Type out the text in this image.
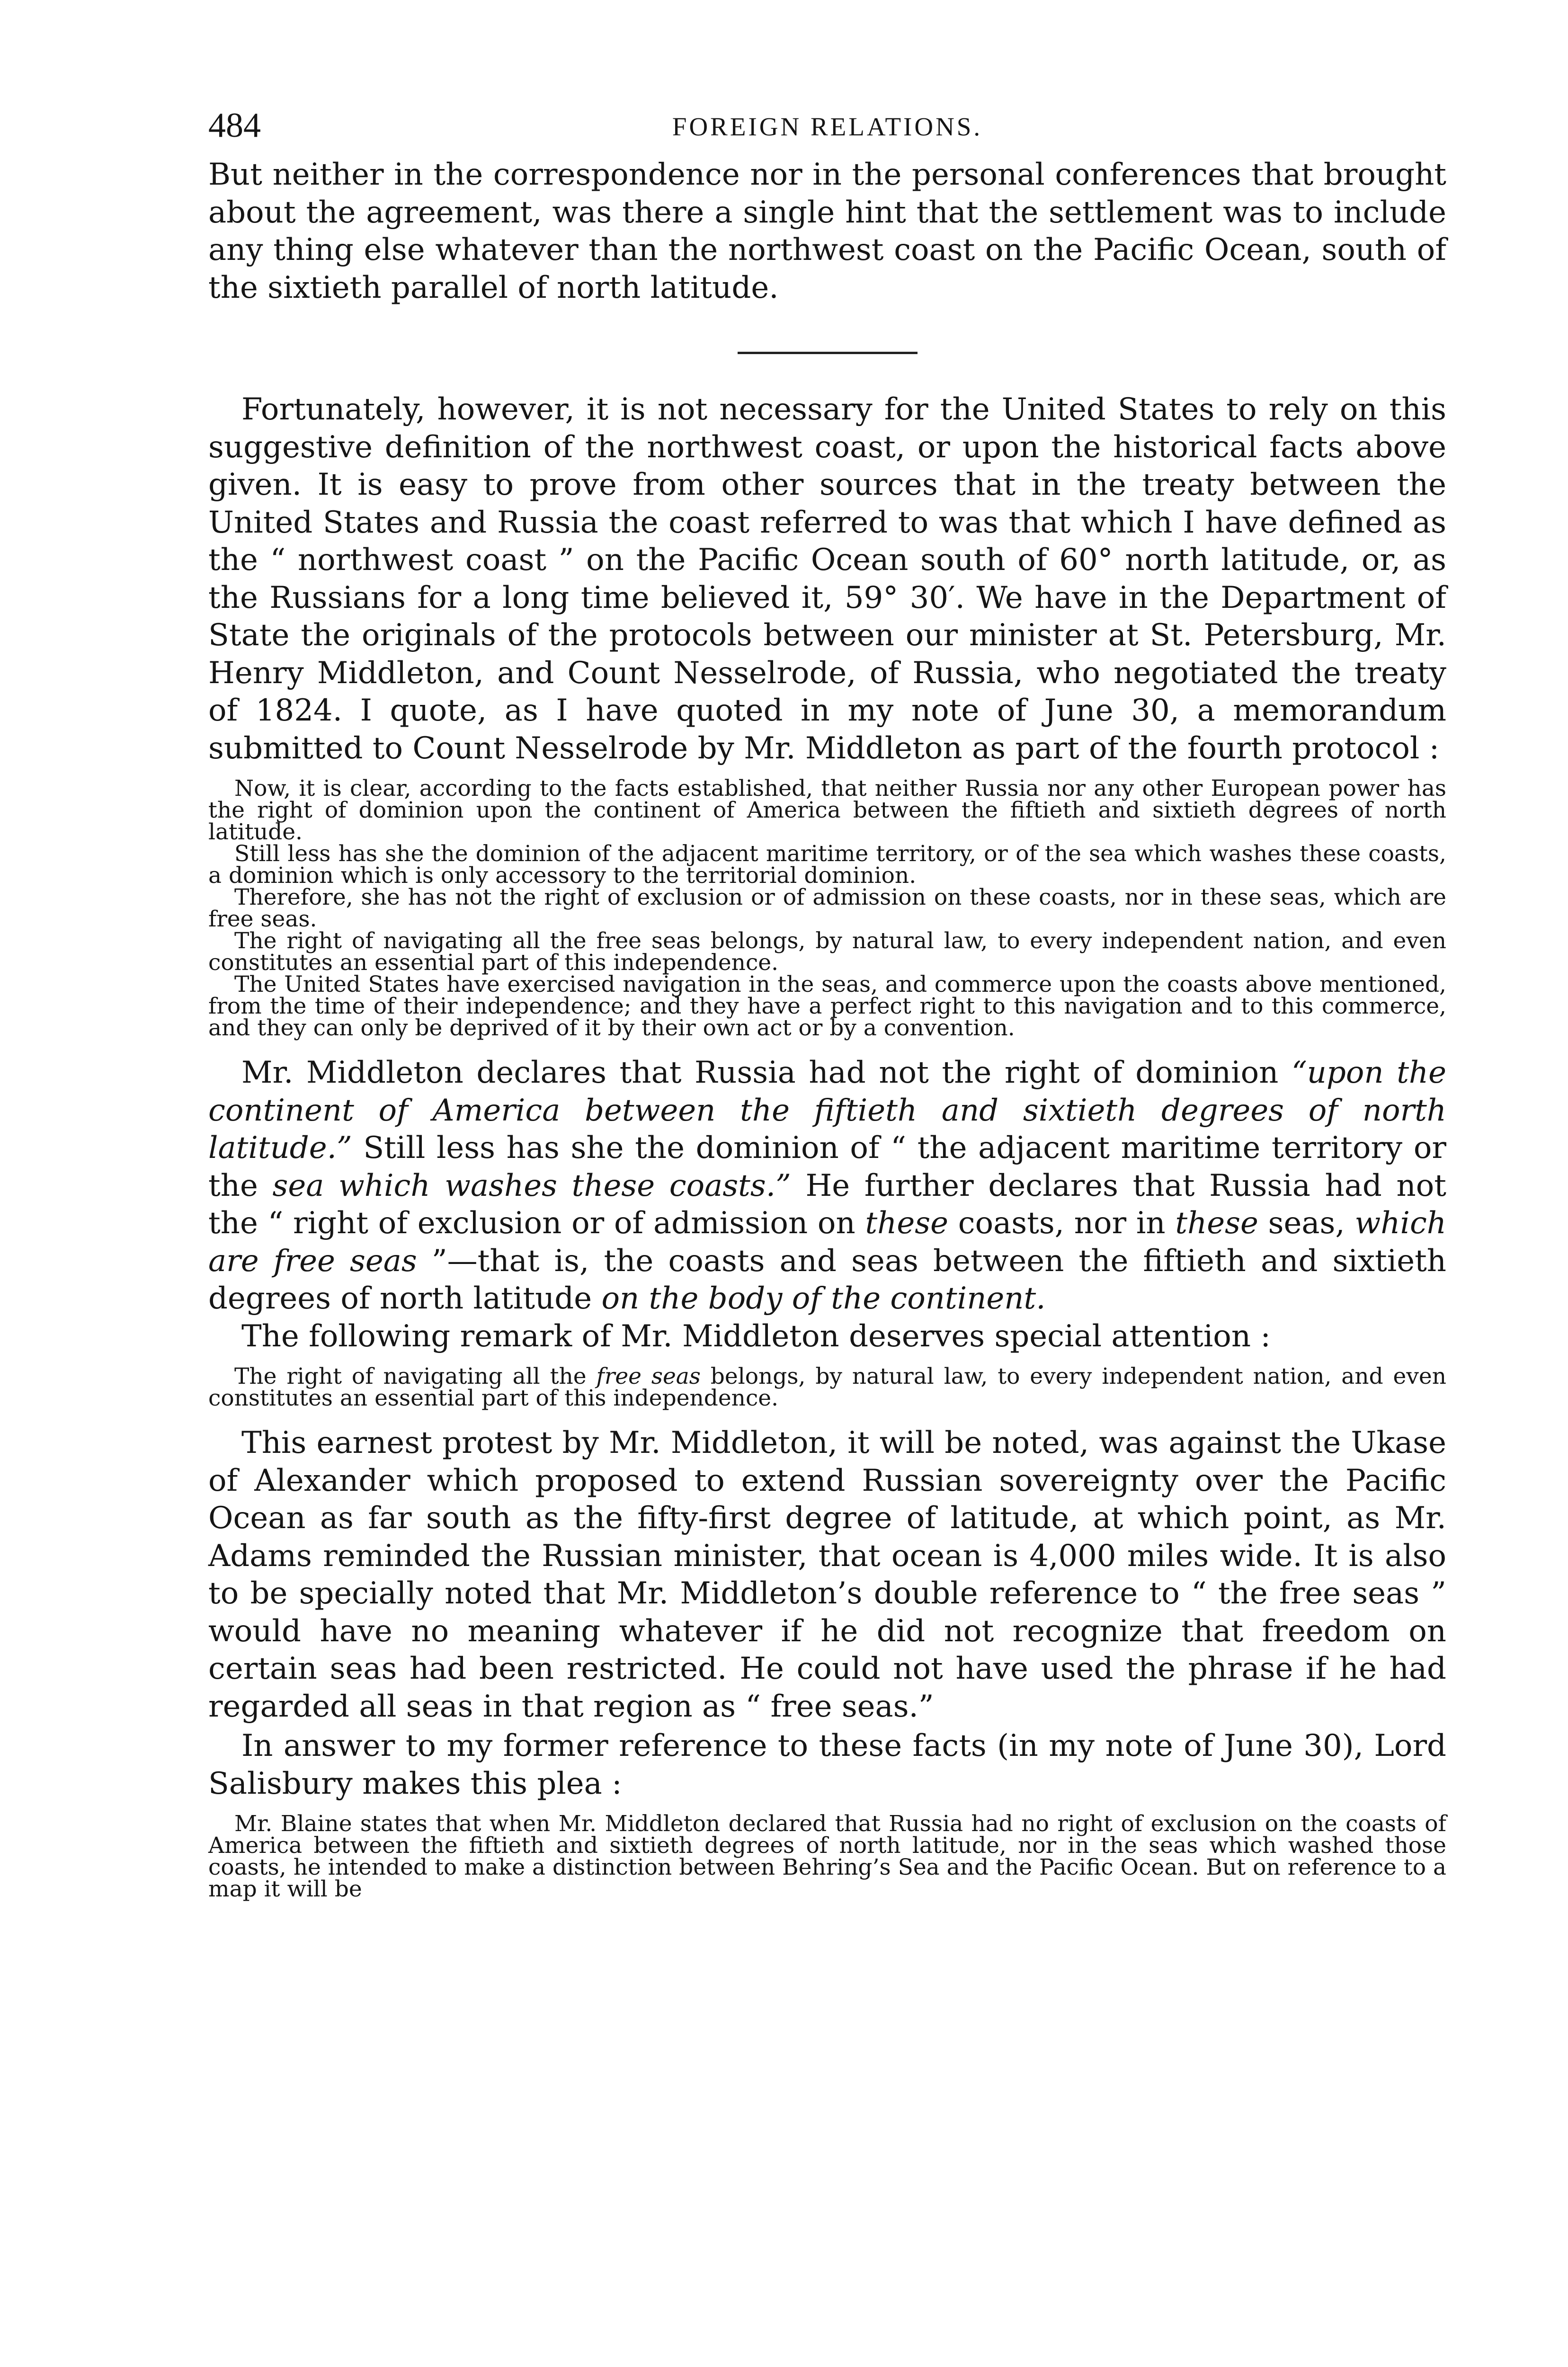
484	FOREIGN RELATIONS.

But neither in the correspondence nor in the personal conferences that brought about the agreement, was there a single hint that the settlement was to include any thing else whatever than the northwest coast on the Pacific Ocean, south of the sixtieth parallel of north latitude.

Fortunately, however, it is not necessary for the United States to rely on this suggestive definition of the northwest coast, or upon the historical facts above given. It is easy to prove from other sources that in the treaty between the United States and Russia the coast referred to was that which I have defined as the “ northwest coast ” on the Pacific Ocean south of 60° north latitude, or, as the Russians for a long time believed it, 59° 30′. We have in the Department of State the originals of the protocols between our minister at St. Petersburg, Mr. Henry Middleton, and Count Nesselrode, of Russia, who negotiated the treaty of 1824. I quote, as I have quoted in my note of June 30, a memorandum submitted to Count Nesselrode by Mr. Middleton as part of the fourth protocol :

Now, it is clear, according to the facts established, that neither Russia nor any other European power has the right of dominion upon the continent of America between the fiftieth and sixtieth degrees of north latitude.

Still less has she the dominion of the adjacent maritime territory, or of the sea which washes these coasts, a dominion which is only accessory to the territorial dominion.

Therefore, she has not the right of exclusion or of admission on these coasts, nor in these seas, which are free seas.

The right of navigating all the free seas belongs, by natural law, to every independent nation, and even constitutes an essential part of this independence.

The United States have exercised navigation in the seas, and commerce upon the coasts above mentioned, from the time of their independence; and they have a perfect right to this navigation and to this commerce, and they can only be deprived of it by their own act or by a convention.

Mr. Middleton declares that Russia had not the right of dominion “upon the continent of America between the fiftieth and sixtieth degrees of north latitude.” Still less has she the dominion of “ the adjacent maritime territory or the sea which washes these coasts.” He further declares that Russia had not the “ right of exclusion or of admission on these coasts, nor in these seas, which are free seas ”—that is, the coasts and seas between the fiftieth and sixtieth degrees of north latitude on the body of the continent.

The following remark of Mr. Middleton deserves special attention :

The right of navigating all the free seas belongs, by natural law, to every independent nation, and even constitutes an essential part of this independence.

This earnest protest by Mr. Middleton, it will be noted, was against the Ukase of Alexander which proposed to extend Russian sovereignty over the Pacific Ocean as far south as the fifty-first degree of latitude, at which point, as Mr. Adams reminded the Russian minister, that ocean is 4,000 miles wide. It is also to be specially noted that Mr. Middleton’s double reference to “ the free seas ” would have no meaning whatever if he did not recognize that freedom on certain seas had been restricted. He could not have used the phrase if he had regarded all seas in that region as “ free seas.”

In answer to my former reference to these facts (in my note of June 30), Lord Salisbury makes this plea :

Mr. Blaine states that when Mr. Middleton declared that Russia had no right of exclusion on the coasts of America between the fiftieth and sixtieth degrees of north latitude, nor in the seas which washed those coasts, he intended to make a distinction between Behring’s Sea and the Pacific Ocean. But on reference to a map it will be
